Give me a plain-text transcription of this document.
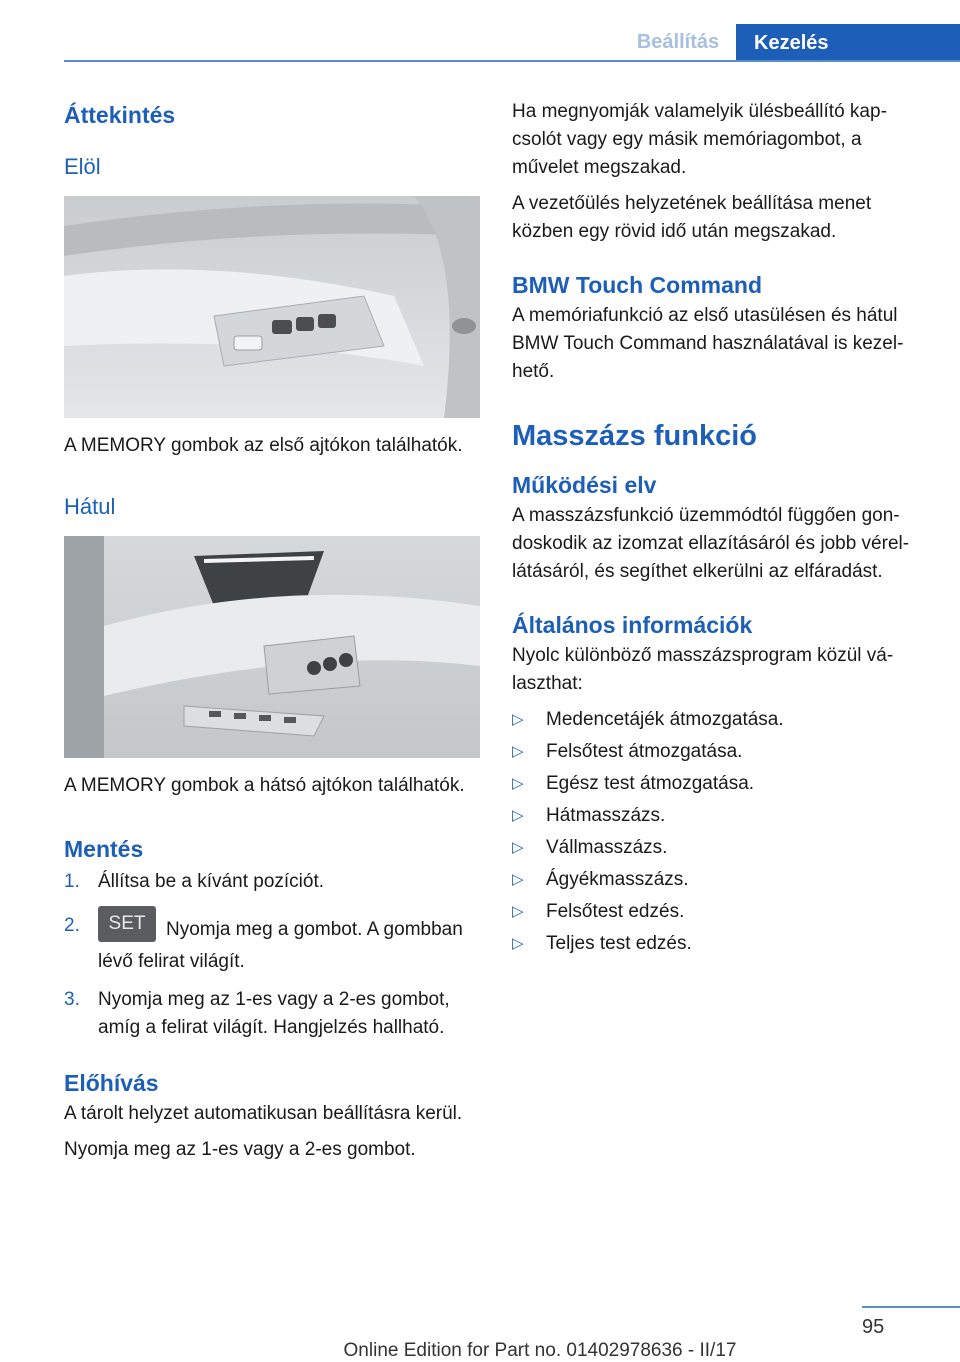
Beállítás	Kezelés
Áttekintés
Elöl

A MEMORY gombok az első ajtókon találhatók.

Hátul

A MEMORY gombok a hátsó ajtókon találhatók.

Mentés
1. Állítsa be a kívánt pozíciót.
2.	SET Nyomja meg a gombot. A gombban lévő felirat világít.
3. Nyomja meg az 1-es vagy a 2-es gombot, amíg a felirat világít. Hangjelzés hallható.
Előhívás

A tárolt helyzet automatikusan beállításra kerül.

Nyomja meg az 1-es vagy a 2-es gombot.

Ha megnyomják valamelyik ülésbeállító kapcsolót vagy egy másik memóriagombot, a művelet megszakad.

A vezetőülés helyzetének beállítása menet közben egy rövid idő után megszakad.

BMW Touch Command

A memóriafunkció az első utasülésen és hátul BMW Touch Command használatával is kezelhető.

Masszázs funkció
Működési elv

A masszázsfunkció üzemmódtól függően gondoskodik az izomzat ellazításáról és jobb vérellátásáról, és segíthet elkerülni az elfáradást.

Általános információk

Nyolc különböző masszázsprogram közül választhat:

▷	Medencetájék átmozgatása.
▷	Felsőtest átmozgatása.
▷	Egész test átmozgatása.
▷	Hátmasszázs.
▷	Vállmasszázs.
▷	Ágyékmasszázs.
▷	Felsőtest edzés.
▷	Teljes test edzés.
95
Online Edition for Part no. 01402978636 - II/17
